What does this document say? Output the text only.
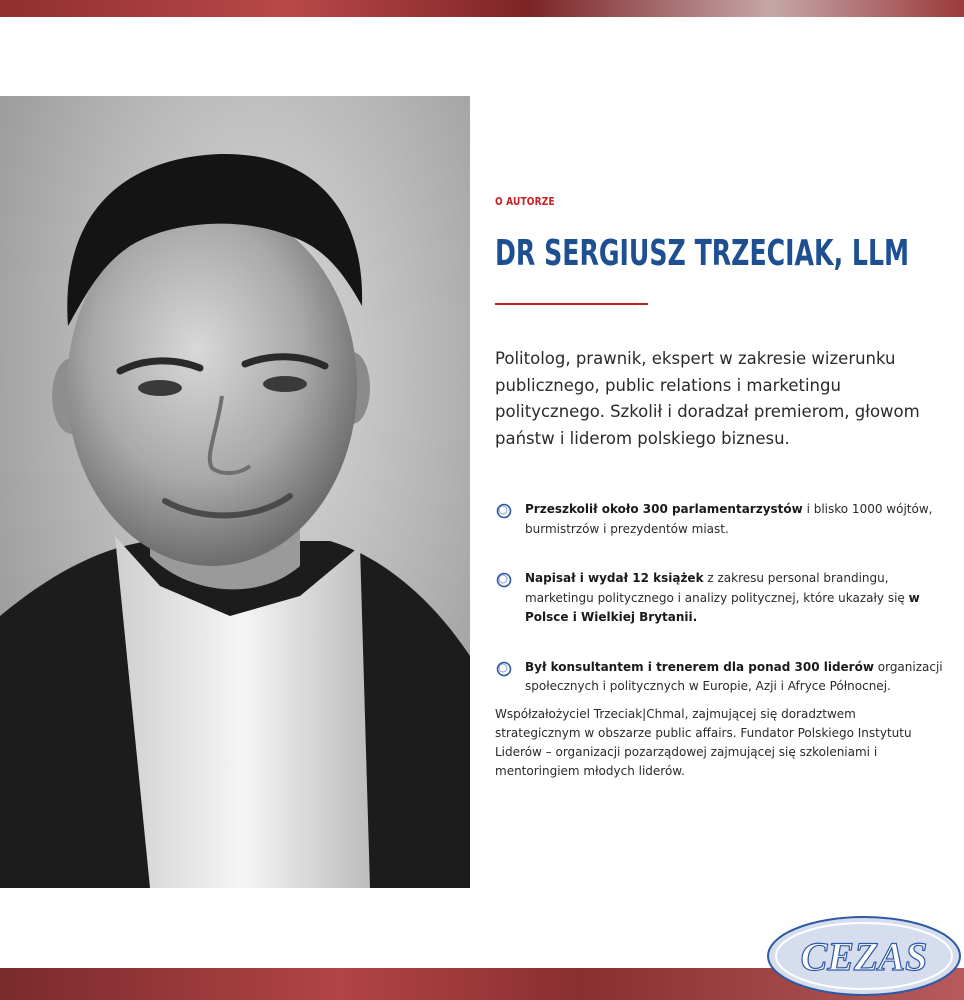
O AUTORZE
DR SERGIUSZ TRZECIAK, LLM

Politolog, prawnik, ekspert w zakresie wizerunku publicznego, public relations i marketingu politycznego. Szkolił i doradzał premierom, głowom państw i liderom polskiego biznesu.

Przeszkolił około 300 parlamentarzystów i blisko 1000 wójtów, burmistrzów i prezydentów miast.
Napisał i wydał 12 książek z zakresu personal brandingu, marketingu politycznego i analizy politycznej, które ukazały się w Polsce i Wielkiej Brytanii.
Był konsultantem i trenerem dla ponad 300 liderów organizacji społecznych i politycznych w Europie, Azji i Afryce Północnej.

Współzałożyciel Trzeciak|Chmal, zajmującej się doradztwem strategicznym w obszarze public affairs. Fundator Polskiego Instytutu Liderów – organizacji pozarządowej zajmującej się szkoleniami i mentoringiem młodych liderów.

CEZAS
